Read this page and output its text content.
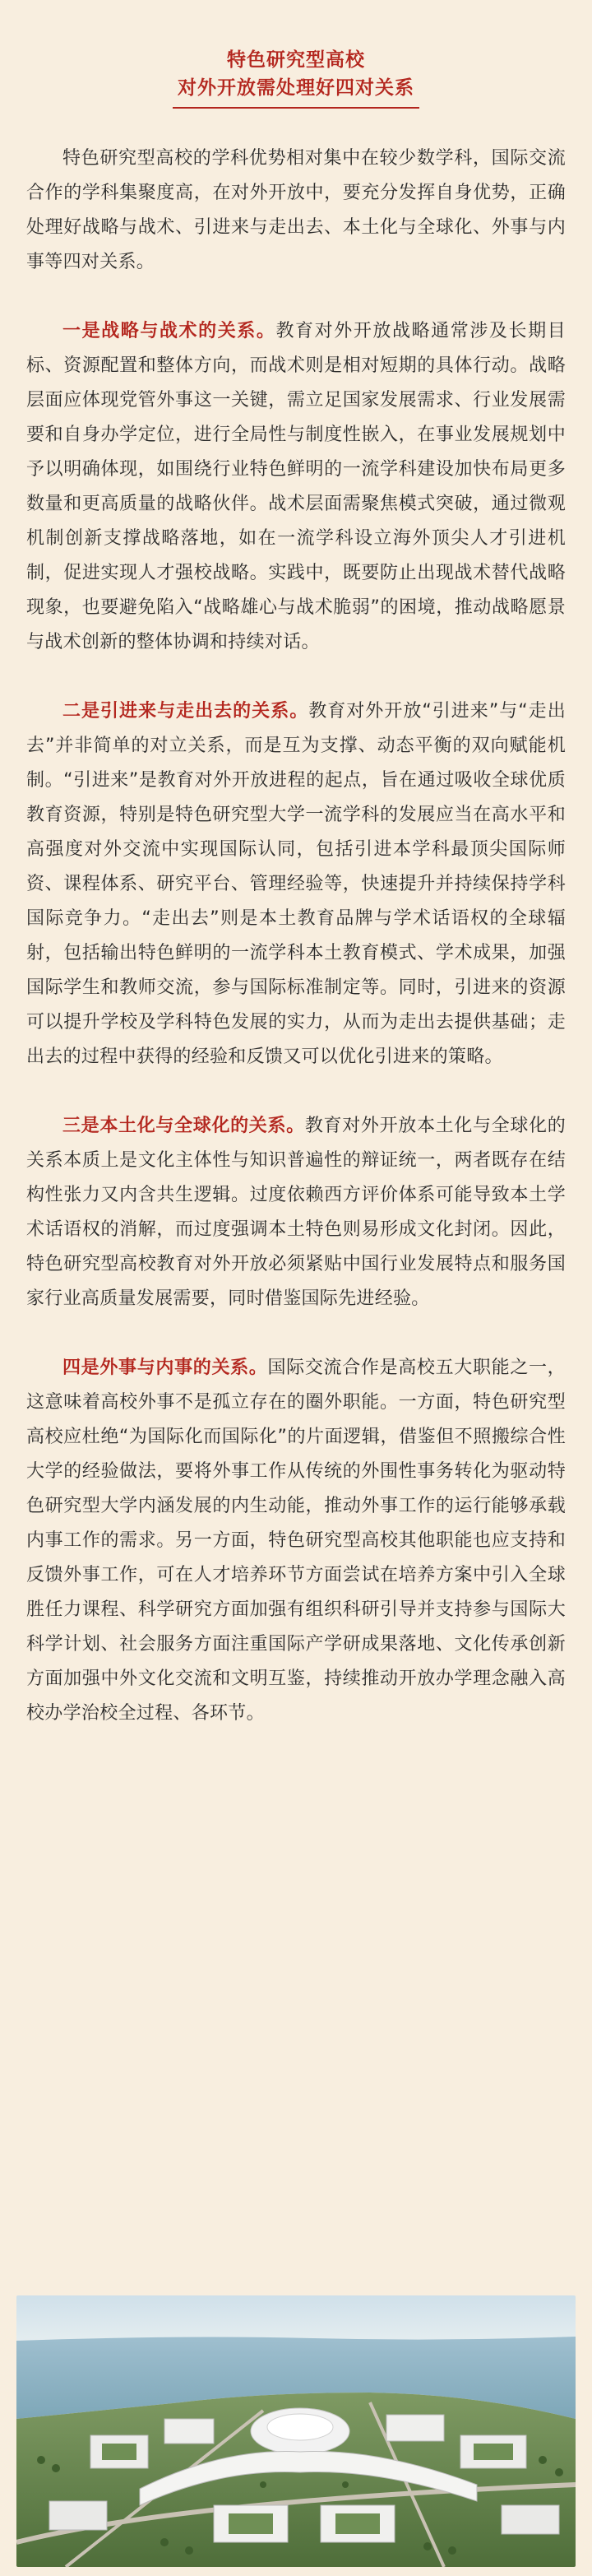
特色研究型高校
对外开放需处理好四对关系

特色研究型高校的学科优势相对集中在较少数学科，国际交流合作的学科集聚度高，在对外开放中，要充分发挥自身优势，正确处理好战略与战术、引进来与走出去、本土化与全球化、外事与内事等四对关系。

一是战略与战术的关系。教育对外开放战略通常涉及长期目标、资源配置和整体方向，而战术则是相对短期的具体行动。战略层面应体现党管外事这一关键，需立足国家发展需求、行业发展需要和自身办学定位，进行全局性与制度性嵌入，在事业发展规划中予以明确体现，如围绕行业特色鲜明的一流学科建设加快布局更多数量和更高质量的战略伙伴。战术层面需聚焦模式突破，通过微观机制创新支撑战略落地，如在一流学科设立海外顶尖人才引进机制，促进实现人才强校战略。实践中，既要防止出现战术替代战略现象，也要避免陷入“战略雄心与战术脆弱”的困境，推动战略愿景与战术创新的整体协调和持续对话。

二是引进来与走出去的关系。教育对外开放“引进来”与“走出去”并非简单的对立关系，而是互为支撑、动态平衡的双向赋能机制。“引进来”是教育对外开放进程的起点，旨在通过吸收全球优质教育资源，特别是特色研究型大学一流学科的发展应当在高水平和高强度对外交流中实现国际认同，包括引进本学科最顶尖国际师资、课程体系、研究平台、管理经验等，快速提升并持续保持学科国际竞争力。“走出去”则是本土教育品牌与学术话语权的全球辐射，包括输出特色鲜明的一流学科本土教育模式、学术成果，加强国际学生和教师交流，参与国际标准制定等。同时，引进来的资源可以提升学校及学科特色发展的实力，从而为走出去提供基础；走出去的过程中获得的经验和反馈又可以优化引进来的策略。

三是本土化与全球化的关系。教育对外开放本土化与全球化的关系本质上是文化主体性与知识普遍性的辩证统一，两者既存在结构性张力又内含共生逻辑。过度依赖西方评价体系可能导致本土学术话语权的消解，而过度强调本土特色则易形成文化封闭。因此，特色研究型高校教育对外开放必须紧贴中国行业发展特点和服务国家行业高质量发展需要，同时借鉴国际先进经验。

四是外事与内事的关系。国际交流合作是高校五大职能之一，这意味着高校外事不是孤立存在的圈外职能。一方面，特色研究型高校应杜绝“为国际化而国际化”的片面逻辑，借鉴但不照搬综合性大学的经验做法，要将外事工作从传统的外围性事务转化为驱动特色研究型大学内涵发展的内生动能，推动外事工作的运行能够承载内事工作的需求。另一方面，特色研究型高校其他职能也应支持和反馈外事工作，可在人才培养环节方面尝试在培养方案中引入全球胜任力课程、科学研究方面加强有组织科研引导并支持参与国际大科学计划、社会服务方面注重国际产学研成果落地、文化传承创新方面加强中外文化交流和文明互鉴，持续推动开放办学理念融入高校办学治校全过程、各环节。
